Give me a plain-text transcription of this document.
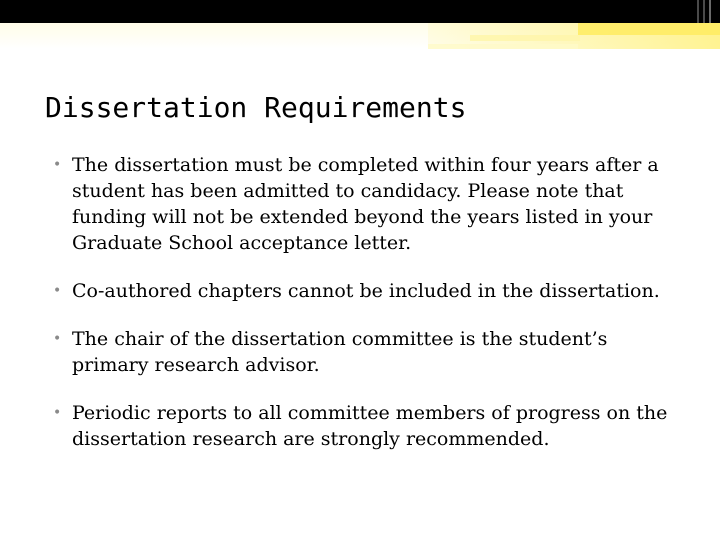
Dissertation Requirements
• The dissertation must be completed within four years after a student has been admitted to candidacy. Please note that funding will not be extended beyond the years listed in your Graduate School acceptance letter.
• Co-authored chapters cannot be included in the dissertation.
• The chair of the dissertation committee is the student’s primary research advisor.
• Periodic reports to all committee members of progress on the dissertation research are strongly recommended.
